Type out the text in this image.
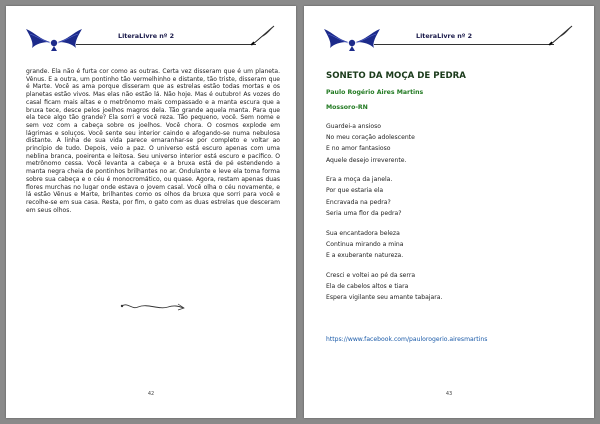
LiteraLivre nº 2
grande. Ela não é furta cor como as outras. Certa vez disseram que é um planeta. Vênus. E a outra, um pontinho tão vermelhinho e distante, tão triste, disseram que é Marte. Você as ama porque disseram que as estrelas estão todas mortas e os planetas estão vivos. Mas elas não estão lá. Não hoje. Mas é outubro! As vozes do casal ficam mais altas e o metrônomo mais compassado e a manta escura que a bruxa tece, desce pelos joelhos magros dela. Tão grande aquela manta. Para que ela tece algo tão grande? Ela sorri e você reza. Tão pequeno, você. Sem nome e sem voz com a cabeça sobre os joelhos. Você chora. O cosmos explode em lágrimas e soluços. Você sente seu interior caindo e afogando-se numa nebulosa distante. A linha de sua vida parece emaranhar-se por completo e voltar ao princípio de tudo. Depois, veio a paz. O universo está escuro apenas com uma neblina branca, poeirenta e leitosa. Seu universo interior está escuro e pacífico. O metrônomo cessa. Você levanta a cabeça e a bruxa está de pé estendendo a manta negra cheia de pontinhos brilhantes no ar. Ondulante e leve ela toma forma sobre sua cabeça e o céu é monocromático, ou quase. Agora, restam apenas duas flores murchas no lugar onde estava o jovem casal. Você olha o céu novamente, e lá estão Vênus e Marte, brilhantes como os olhos da bruxa que sorri para você e recolhe-se em sua casa. Resta, por fim, o gato com as duas estrelas que desceram em seus olhos.
42
LiteraLivre nº 2
SONETO DA MOÇA DE PEDRA
Paulo Rogério Aires Martins
Mossoro-RN
Guardei-a ansioso
No meu coração adolescente
E no amor fantasioso
Aquele desejo irreverente.
Era a moça da janela.
Por que estaria ela
Encravada na pedra?
Seria uma flor da pedra?
Sua encantadora beleza
Continua mirando a mina
E a exuberante natureza.
Cresci e voltei ao pé da serra
Ela de cabelos altos e tiara
Espera vigilante seu amante tabajara.
https://www.facebook.com/paulorogerio.airesmartins
43
